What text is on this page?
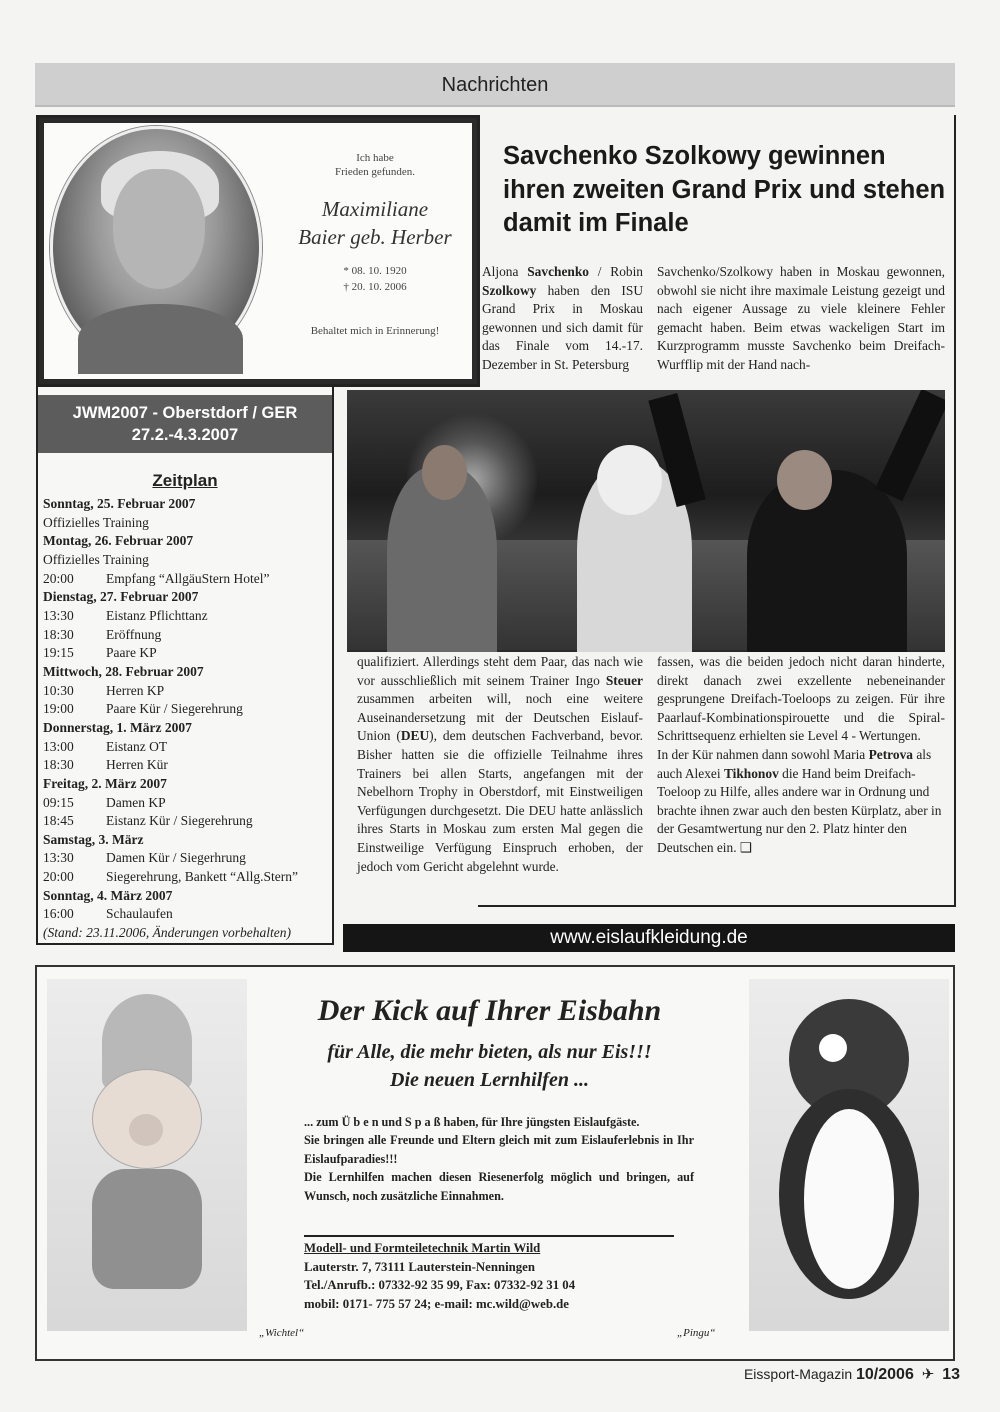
Nachrichten
Ich habe
Frieden gefunden.
Maximiliane
Baier geb. Herber
* 08. 10. 1920
† 20. 10. 2006
Behaltet mich in Erinnerung!
Savchenko Szolkowy gewinnen ihren zweiten Grand Prix und stehen damit im Finale
Aljona Savchenko / Robin Szolkowy haben den ISU Grand Prix in Moskau gewonnen und sich damit für das Finale vom 14.-17. Dezember in St. Petersburg
Savchenko/Szolkowy haben in Moskau gewonnen, obwohl sie nicht ihre maximale Leistung gezeigt und nach eigener Aussage zu viele kleinere Fehler gemacht haben. Beim etwas wackeligen Start im Kurzprogramm musste Savchenko beim Dreifach-Wurfflip mit der Hand nach-
qualifiziert. Allerdings steht dem Paar, das nach wie vor ausschließlich mit seinem Trainer Ingo Steuer zusammen arbeiten will, noch eine weitere Auseinandersetzung mit der Deutschen Eislauf-Union (DEU), dem deutschen Fachverband, bevor. Bisher hatten sie die offizielle Teilnahme ihres Trainers bei allen Starts, angefangen mit der Nebelhorn Trophy in Oberstdorf, mit Einstweiligen Verfügungen durchgesetzt. Die DEU hatte anlässlich ihres Starts in Moskau zum ersten Mal gegen die Einstweilige Verfügung Einspruch erhoben, der jedoch vom Gericht abgelehnt wurde.
fassen, was die beiden jedoch nicht daran hinderte, direkt danach zwei exzellente nebeneinander gesprungene Dreifach-Toeloops zu zeigen. Für ihre Paarlauf-Kombinationspirouette und die Spiral-Schrittsequenz erhielten sie Level 4 - Wertungen.
In der Kür nahmen dann sowohl Maria Petrova als auch Alexei Tikhonov die Hand beim Dreifach-Toeloop zu Hilfe, alles andere war in Ordnung und brachte ihnen zwar auch den besten Kürplatz, aber in der Gesamtwertung nur den 2. Platz hinter den Deutschen ein. ❑
JWM2007 - Oberstdorf / GER
27.2.-4.3.2007
Zeitplan
Sonntag, 25. Februar 2007
Offizielles Training
Montag, 26. Februar 2007
Offizielles Training
20:00	Empfang “AllgäuStern Hotel”
Dienstag, 27. Februar 2007
13:30	Eistanz Pflichttanz
18:30	Eröffnung
19:15	Paare KP
Mittwoch, 28. Februar 2007
10:30	Herren KP
19:00	Paare Kür / Siegerehrung
Donnerstag, 1. März 2007
13:00	Eistanz OT
18:30	Herren Kür
Freitag, 2. März 2007
09:15	Damen KP
18:45	Eistanz Kür / Siegerehrung
Samstag, 3. März
13:30	Damen Kür / Siegerhrung
20:00	Siegerehrung, Bankett “Allg.Stern”
Sonntag, 4. März 2007
16:00	Schaulaufen
(Stand: 23.11.2006, Änderungen vorbehalten)	www.eislaufkleidung.de
„Wichtel“	„Pingu“
Der Kick auf Ihrer Eisbahn
für Alle, die mehr bieten, als nur Eis!!!
Die neuen Lernhilfen ...
... zum Ü b e n und S p a ß haben, für Ihre jüngsten Eislaufgäste.
Sie bringen alle Freunde und Eltern gleich mit zum Eislauferlebnis in Ihr Eislaufparadies!!!
Die Lernhilfen machen diesen Riesenerfolg möglich und bringen, auf Wunsch, noch zusätzliche Einnahmen.
Modell- und Formteiletechnik Martin Wild
Lauterstr. 7, 73111 Lauterstein-Nenningen
Tel./Anrufb.: 07332-92 35 99, Fax: 07332-92 31 04
mobil: 0171- 775 57 24; e-mail: mc.wild@web.de
Eissport-Magazin 10/2006 ✈ 13
